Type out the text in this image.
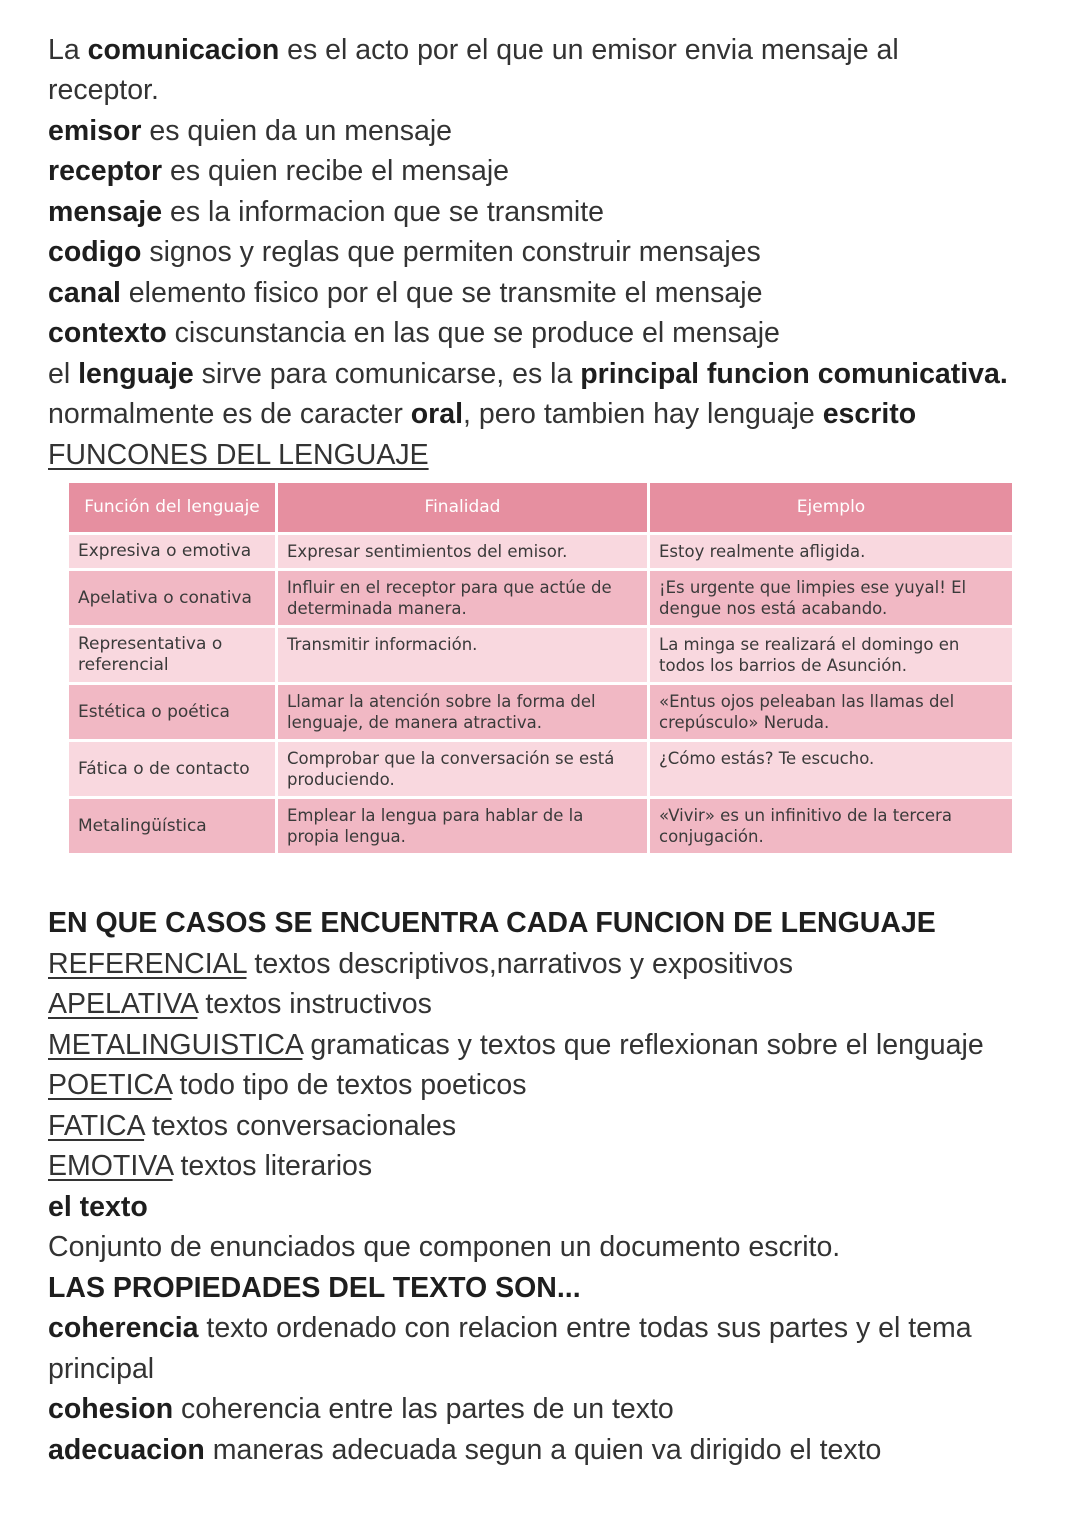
La comunicacion es el acto por el que un emisor envia mensaje al
receptor.
emisor es quien da un mensaje
receptor es quien recibe el mensaje
mensaje es la informacion que se transmite
codigo signos y reglas que permiten construir mensajes
canal elemento fisico por el que se transmite el mensaje
contexto ciscunstancia en las que se produce el mensaje
el lenguaje sirve para comunicarse, es la principal funcion comunicativa.
normalmente es de caracter oral, pero tambien hay lenguaje escrito
FUNCONES DEL LENGUAJE
Función del lenguaje	Finalidad	Ejemplo
Expresiva o emotiva	Expresar sentimientos del emisor.	Estoy realmente afligida.
Apelativa o conativa	Influir en el receptor para que actúe de determinada manera.	¡Es urgente que limpies ese yuyal! El dengue nos está acabando.
Representativa o referencial	Transmitir información.	La minga se realizará el domingo en todos los barrios de Asunción.
Estética o poética	Llamar la atención sobre la forma del lenguaje, de manera atractiva.	«Entus ojos peleaban las llamas del crepúsculo» Neruda.
Fática o de contacto	Comprobar que la conversación se está produciendo.	¿Cómo estás? Te escucho.
Metalingüística	Emplear la lengua para hablar de la propia lengua.	«Vivir» es un infinitivo de la tercera conjugación.
EN QUE CASOS SE ENCUENTRA CADA FUNCION DE LENGUAJE
REFERENCIAL textos descriptivos,narrativos y expositivos
APELATIVA textos instructivos
METALINGUISTICA gramaticas y textos que reflexionan sobre el lenguaje
POETICA todo tipo de textos poeticos
FATICA textos conversacionales
EMOTIVA textos literarios
el texto
Conjunto de enunciados que componen un documento escrito.
LAS PROPIEDADES DEL TEXTO SON...
coherencia texto ordenado con relacion entre todas sus partes y el tema
principal
cohesion coherencia entre las partes de un texto
adecuacion maneras adecuada segun a quien va dirigido el texto
